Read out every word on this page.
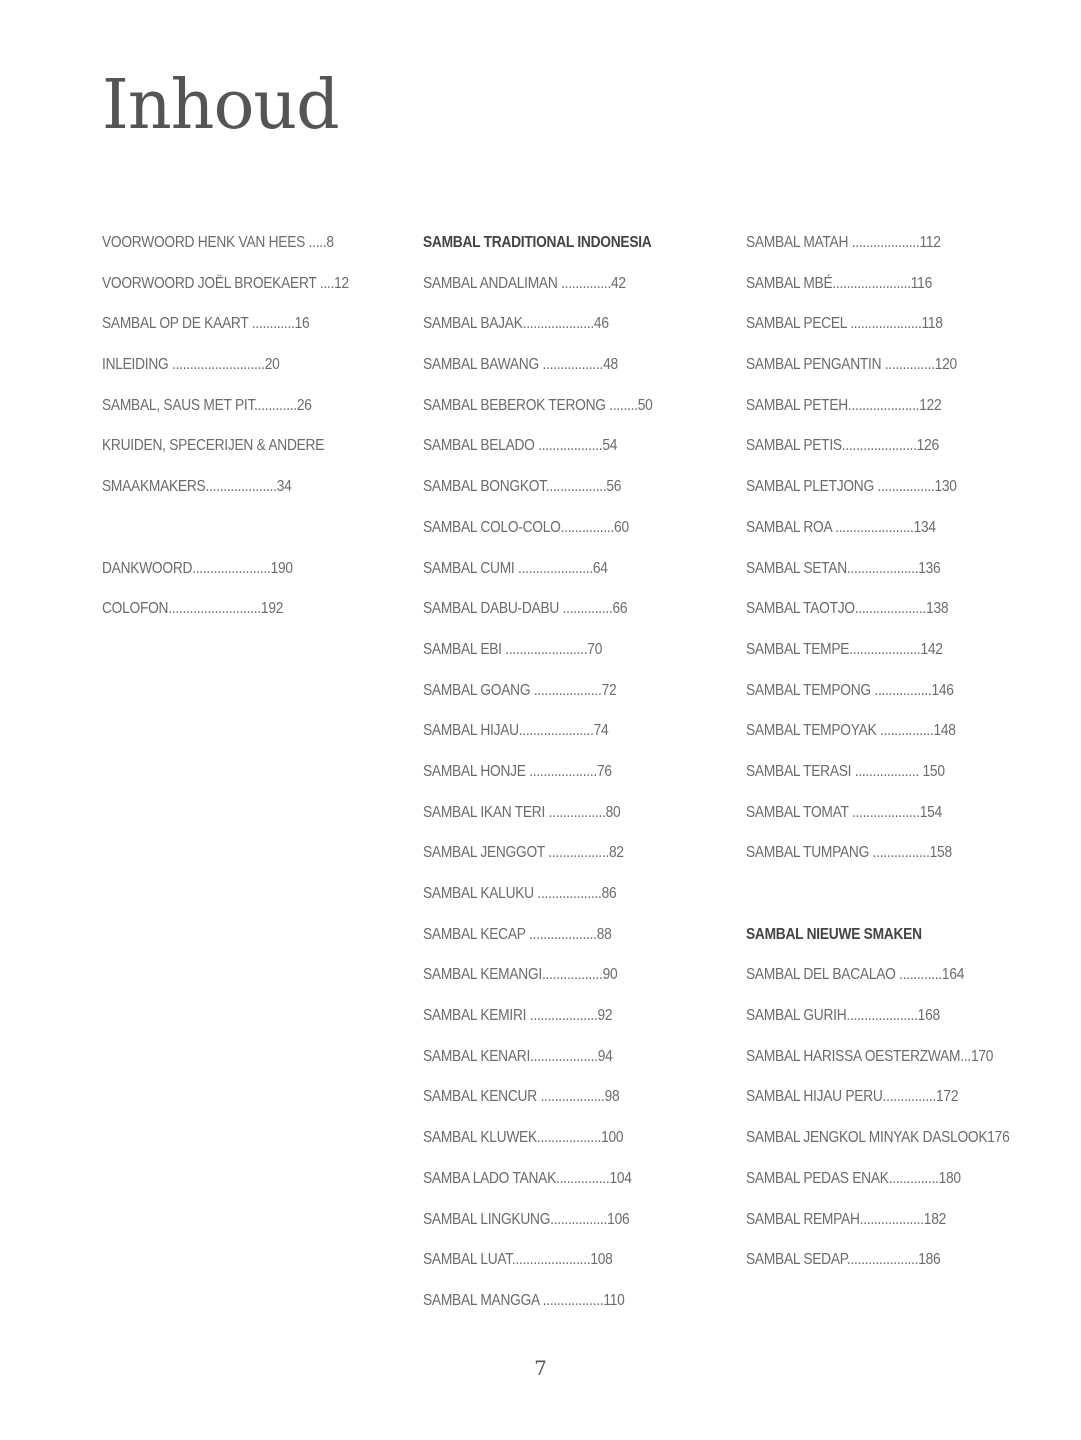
Inhoud
VOORWOORD HENK VAN HEES .....8
VOORWOORD JOËL BROEKAERT ....12
SAMBAL OP DE KAART ............16
INLEIDING ..........................20
SAMBAL, SAUS MET PIT............26
KRUIDEN, SPECERIJEN & ANDERE
SMAAKMAKERS....................34
DANKWOORD......................190
COLOFON..........................192
SAMBAL TRADITIONAL INDONESIA
SAMBAL ANDALIMAN ..............42
SAMBAL BAJAK....................46
SAMBAL BAWANG .................48
SAMBAL BEBEROK TERONG ........50
SAMBAL BELADO ..................54
SAMBAL BONGKOT.................56
SAMBAL COLO-COLO...............60
SAMBAL CUMI .....................64
SAMBAL DABU-DABU ..............66
SAMBAL EBI .......................70
SAMBAL GOANG ...................72
SAMBAL HIJAU.....................74
SAMBAL HONJE ...................76
SAMBAL IKAN TERI ................80
SAMBAL JENGGOT .................82
SAMBAL KALUKU ..................86
SAMBAL KECAP ...................88
SAMBAL KEMANGI.................90
SAMBAL KEMIRI ...................92
SAMBAL KENARI...................94
SAMBAL KENCUR ..................98
SAMBAL KLUWEK..................100
SAMBA LADO TANAK...............104
SAMBAL LINGKUNG................106
SAMBAL LUAT......................108
SAMBAL MANGGA .................110
SAMBAL MATAH ...................112
SAMBAL MBÉ......................116
SAMBAL PECEL ....................118
SAMBAL PENGANTIN ..............120
SAMBAL PETEH....................122
SAMBAL PETIS.....................126
SAMBAL PLETJONG ................130
SAMBAL ROA ......................134
SAMBAL SETAN....................136
SAMBAL TAOTJO....................138
SAMBAL TEMPE....................142
SAMBAL TEMPONG ................146
SAMBAL TEMPOYAK ...............148
SAMBAL TERASI .................. 150
SAMBAL TOMAT ...................154
SAMBAL TUMPANG ................158
SAMBAL NIEUWE SMAKEN
SAMBAL DEL BACALAO ............164
SAMBAL GURIH....................168
SAMBAL HARISSA OESTERZWAM...170
SAMBAL HIJAU PERU...............172
SAMBAL JENGKOL MINYAK DASLOOK176
SAMBAL PEDAS ENAK..............180
SAMBAL REMPAH..................182
SAMBAL SEDAP....................186
7
